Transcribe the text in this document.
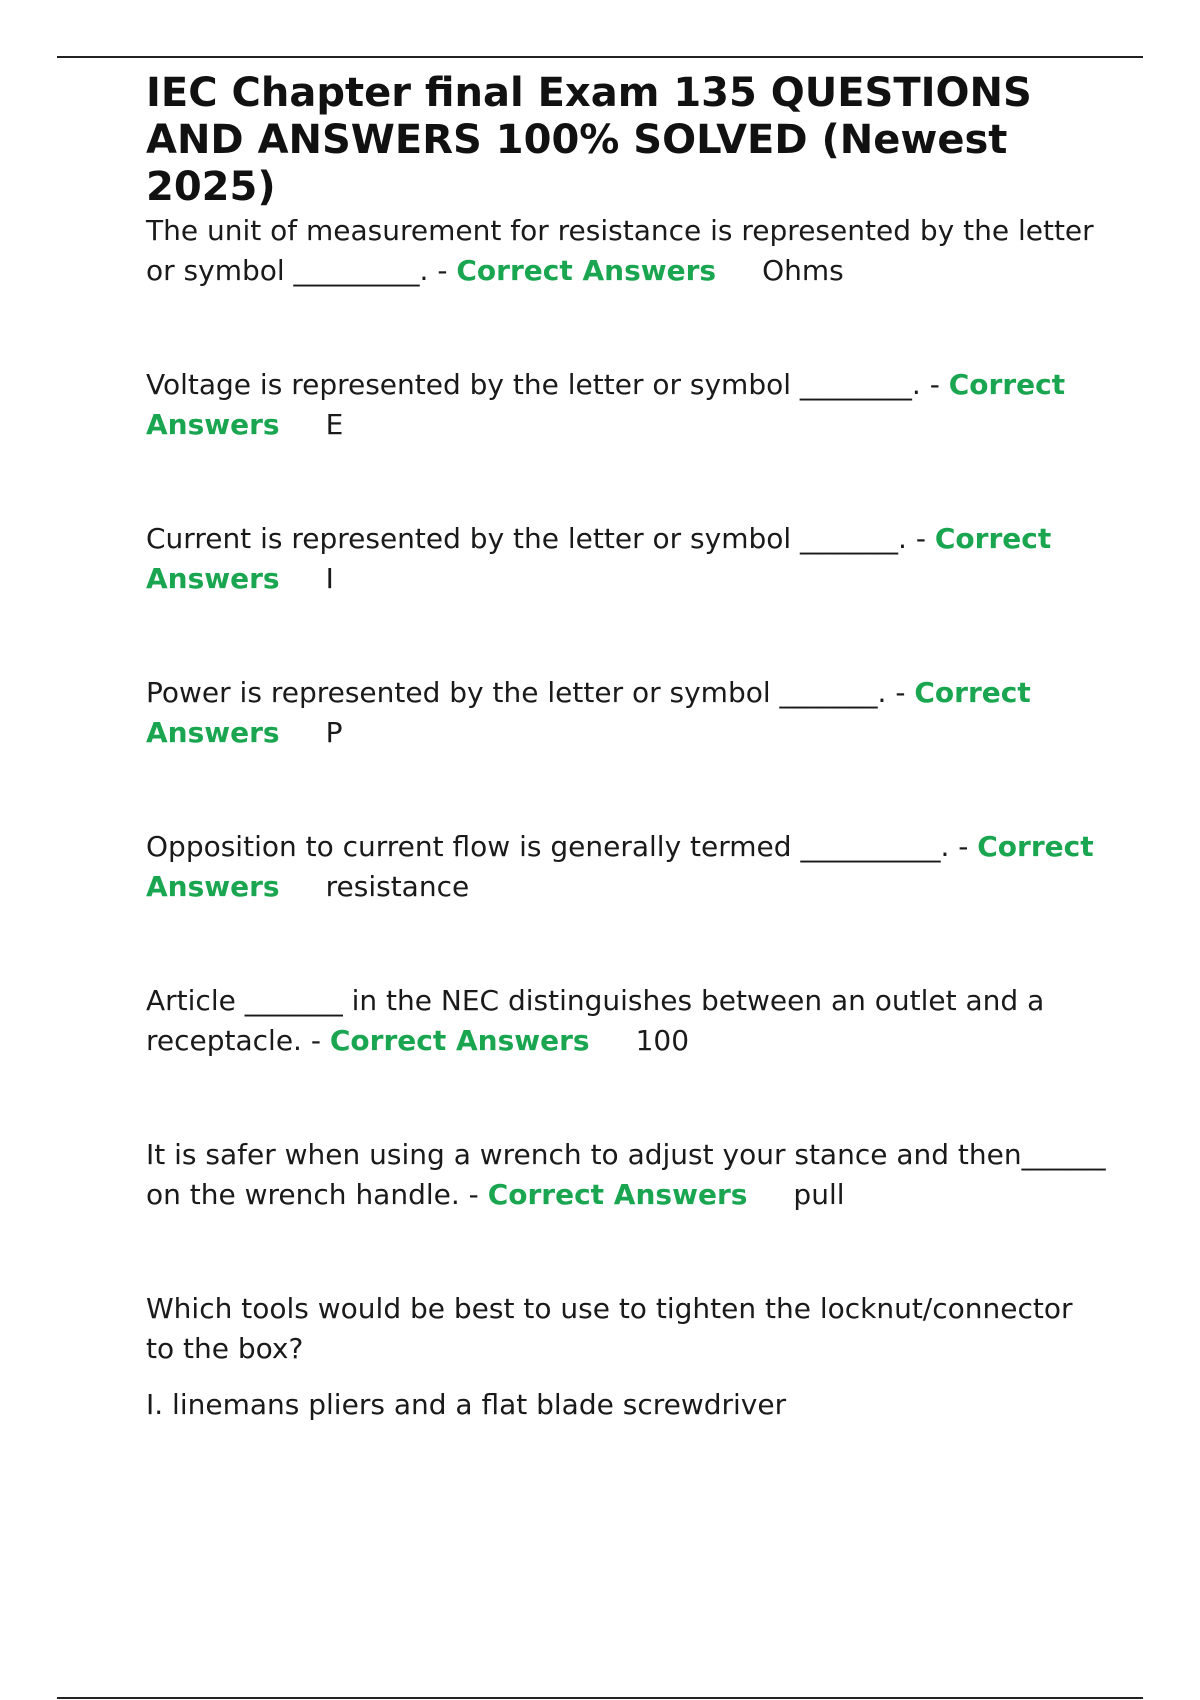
IEC Chapter final Exam 135 QUESTIONS AND ANSWERS 100% SOLVED (Newest 2025)

The unit of measurement for resistance is represented by the letter or symbol _________. - Correct Answers Ohms

Voltage is represented by the letter or symbol ________. - Correct Answers E

Current is represented by the letter or symbol _______. - Correct Answers I

Power is represented by the letter or symbol _______. - Correct Answers P

Opposition to current flow is generally termed __________. - Correct Answers resistance

Article _______ in the NEC distinguishes between an outlet and a receptacle. - Correct Answers 100

It is safer when using a wrench to adjust your stance and then______ on the wrench handle. - Correct Answers pull

Which tools would be best to use to tighten the locknut/connector to the box?

I. linemans pliers and a flat blade screwdriver
